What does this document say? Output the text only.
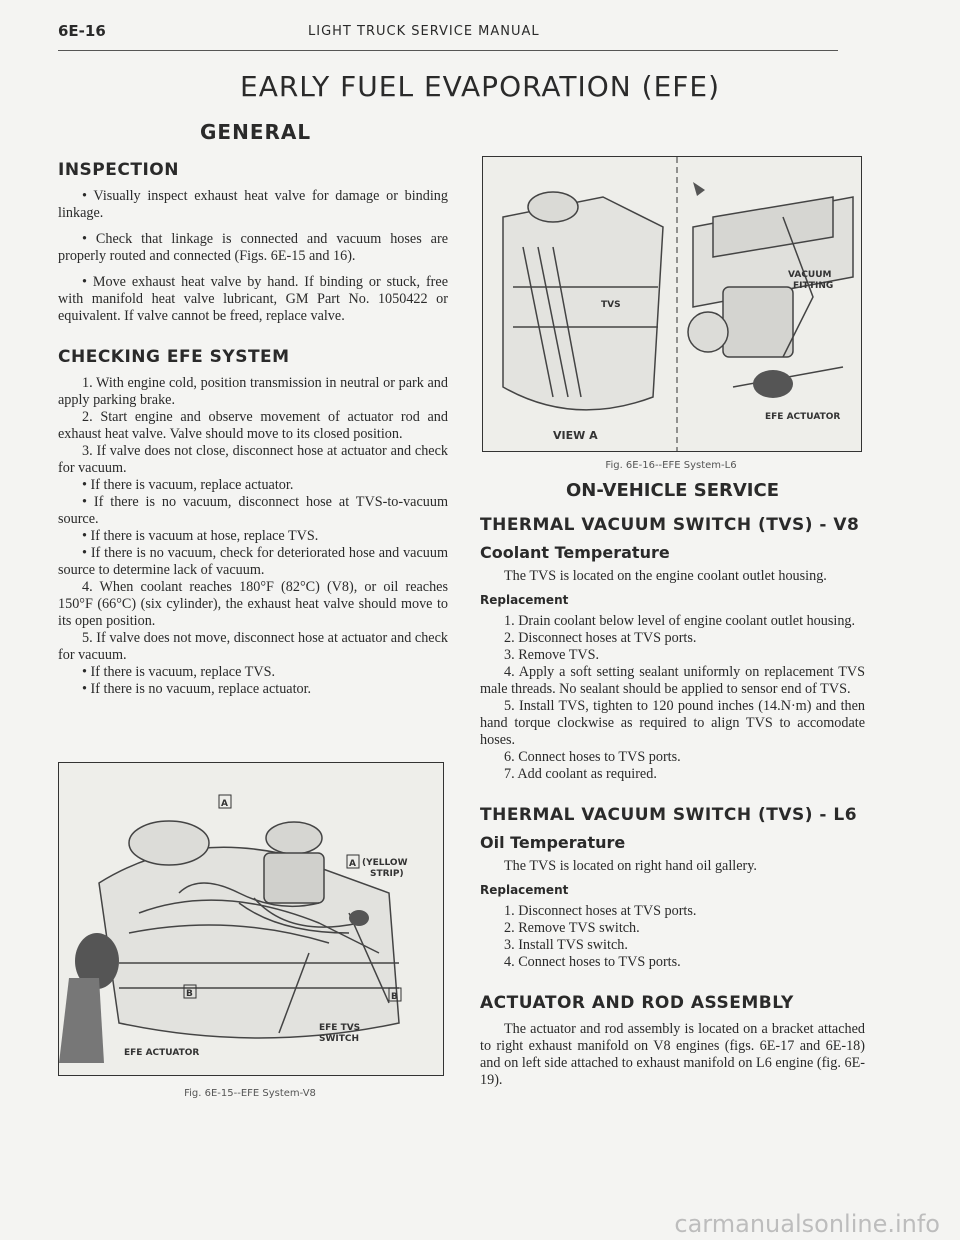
6E-16	LIGHT TRUCK SERVICE MANUAL
EARLY FUEL EVAPORATION (EFE)
GENERAL
INSPECTION

• Visually inspect exhaust heat valve for damage or binding linkage.

• Check that linkage is connected and vacuum hoses are properly routed and connected (Figs. 6E-15 and 16).

• Move exhaust heat valve by hand. If binding or stuck, free with manifold heat valve lubricant, GM Part No. 1050422 or equivalent. If valve cannot be freed, replace valve.

CHECKING EFE SYSTEM

1. With engine cold, position transmission in neutral or park and apply parking brake.

2. Start engine and observe movement of actuator rod and exhaust heat valve. Valve should move to its closed position.

3. If valve does not close, disconnect hose at actuator and check for vacuum.

• If there is vacuum, replace actuator.

• If there is no vacuum, disconnect hose at TVS-to-vacuum source.

• If there is vacuum at hose, replace TVS.

• If there is no vacuum, check for deteriorated hose and vacuum source to determine lack of vacuum.

4. When coolant reaches 180°F (82°C) (V8), or oil reaches 150°F (66°C) (six cylinder), the exhaust heat valve should move to its open position.

5. If valve does not move, disconnect hose at actuator and check for vacuum.

• If there is vacuum, replace TVS.

• If there is no vacuum, replace actuator.

A
A (YELLOW
STRIP)
B	B
EFE TVS
SWITCH
EFE ACTUATOR
Fig. 6E-15--EFE System-V8
TVS
VACUUM
FITTING
EFE ACTUATOR
VIEW A
Fig. 6E-16--EFE System-L6
ON-VEHICLE SERVICE
THERMAL VACUUM SWITCH (TVS) - V8
Coolant Temperature

The TVS is located on the engine coolant outlet housing.

Replacement

1. Drain coolant below level of engine coolant outlet housing.

2. Disconnect hoses at TVS ports.

3. Remove TVS.

4. Apply a soft setting sealant uniformly on replacement TVS male threads. No sealant should be applied to sensor end of TVS.

5. Install TVS, tighten to 120 pound inches (14.N·m) and then hand torque clockwise as required to align TVS to accomodate hoses.

6. Connect hoses to TVS ports.

7. Add coolant as required.

THERMAL VACUUM SWITCH (TVS) - L6
Oil Temperature

The TVS is located on right hand oil gallery.

Replacement

1. Disconnect hoses at TVS ports.

2. Remove TVS switch.

3. Install TVS switch.

4. Connect hoses to TVS ports.

ACTUATOR AND ROD ASSEMBLY

The actuator and rod assembly is located on a bracket attached to right exhaust manifold on V8 engines (figs. 6E-17 and 6E-18) and on left side attached to exhaust manifold on L6 engine (fig. 6E-19).

carmanualsonline.info
